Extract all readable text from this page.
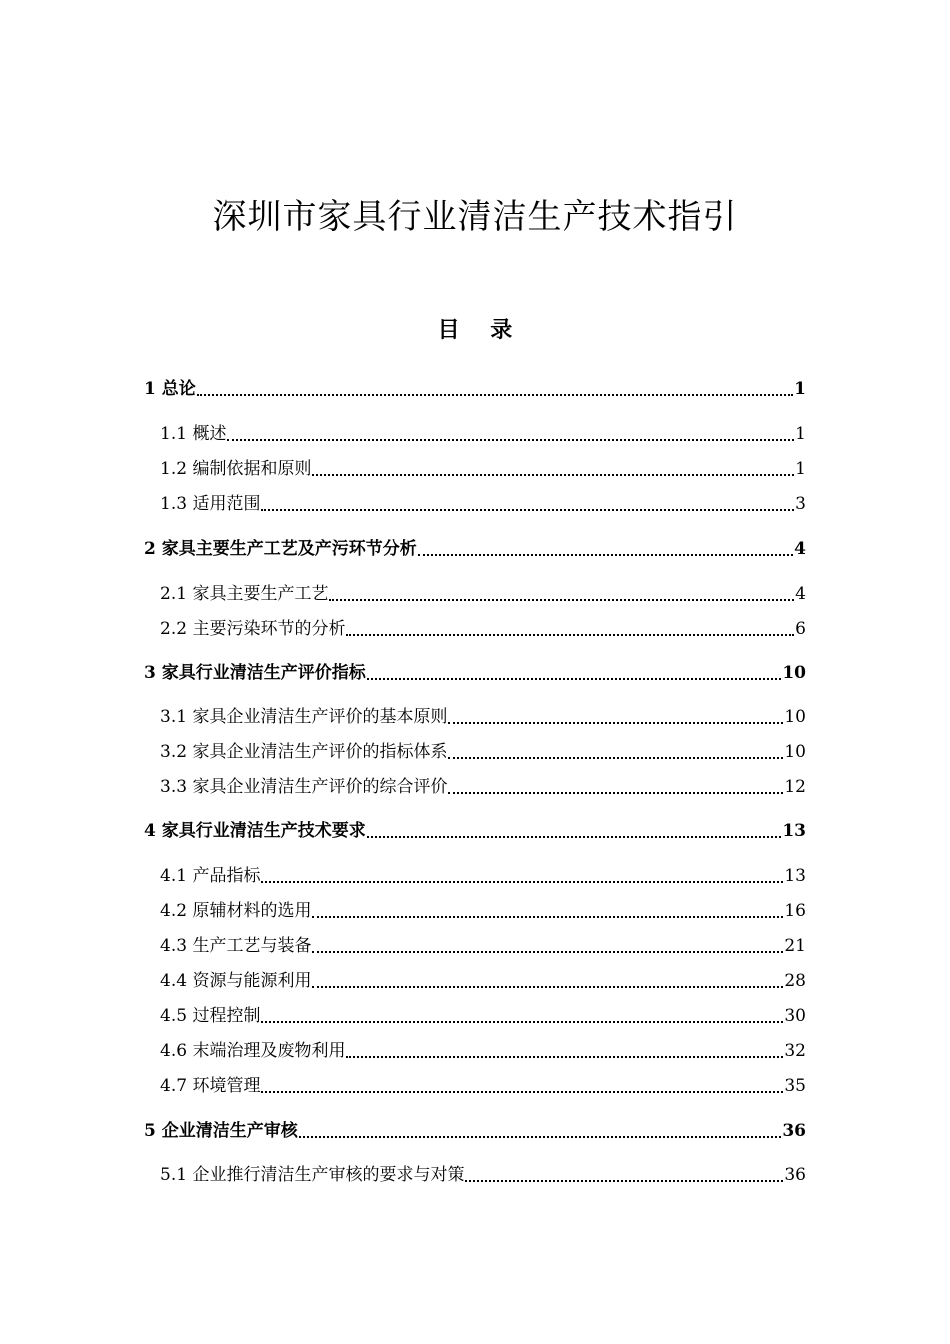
深圳市家具行业清洁生产技术指引
目    录
1 总论	1
1.1 概述	1
1.2 编制依据和原则	1
1.3 适用范围	3
2 家具主要生产工艺及产污环节分析	4
2.1 家具主要生产工艺	4
2.2 主要污染环节的分析	6
3 家具行业清洁生产评价指标	10
3.1 家具企业清洁生产评价的基本原则	10
3.2 家具企业清洁生产评价的指标体系	10
3.3 家具企业清洁生产评价的综合评价	12
4 家具行业清洁生产技术要求	13
4.1 产品指标	13
4.2 原辅材料的选用	16
4.3 生产工艺与装备	21
4.4 资源与能源利用	28
4.5 过程控制	30
4.6 末端治理及废物利用	32
4.7 环境管理	35
5 企业清洁生产审核	36
5.1 企业推行清洁生产审核的要求与对策	36
